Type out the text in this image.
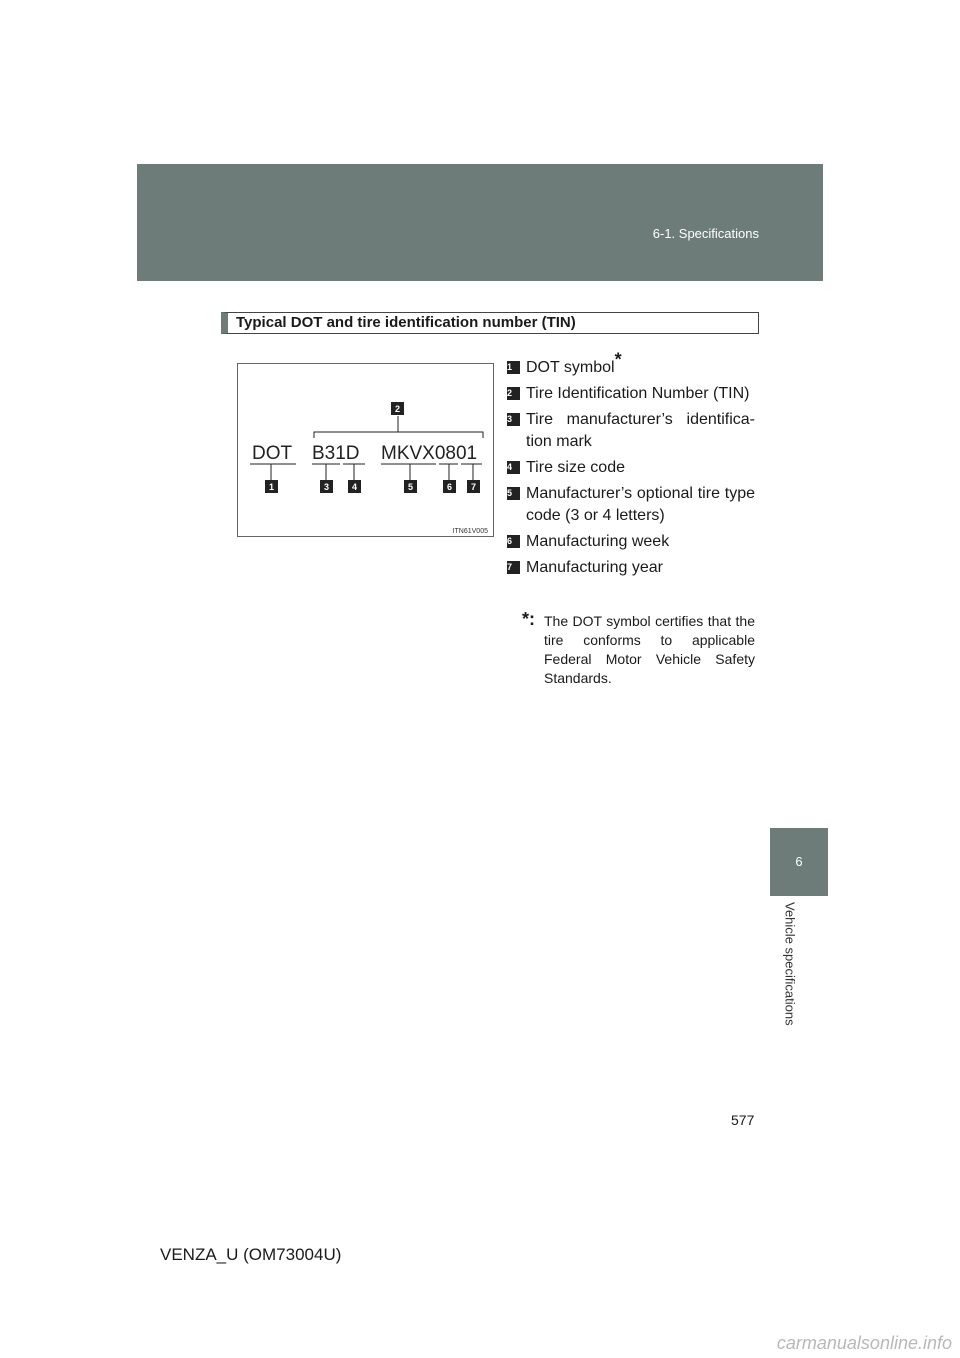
6-1. Specifications
6
Vehicle specifications
Typical DOT and tire identification number (TIN)
DOT B31D MKVX0801
2
1	3	4	5	6 7
ITN61V005
1 DOT symbol*
2 Tire Identification Number (TIN)
3 Tire manufacturer’s identifica-tion mark
4 Tire size code
5 Manufacturer’s optional tire type code (3 or 4 letters)
6 Manufacturing week
7 Manufacturing year
*: The DOT symbol certifies that the tire conforms to applicable Federal Motor Vehicle Safety Standards.
577
VENZA_U (OM73004U)
carmanualsonline.info
